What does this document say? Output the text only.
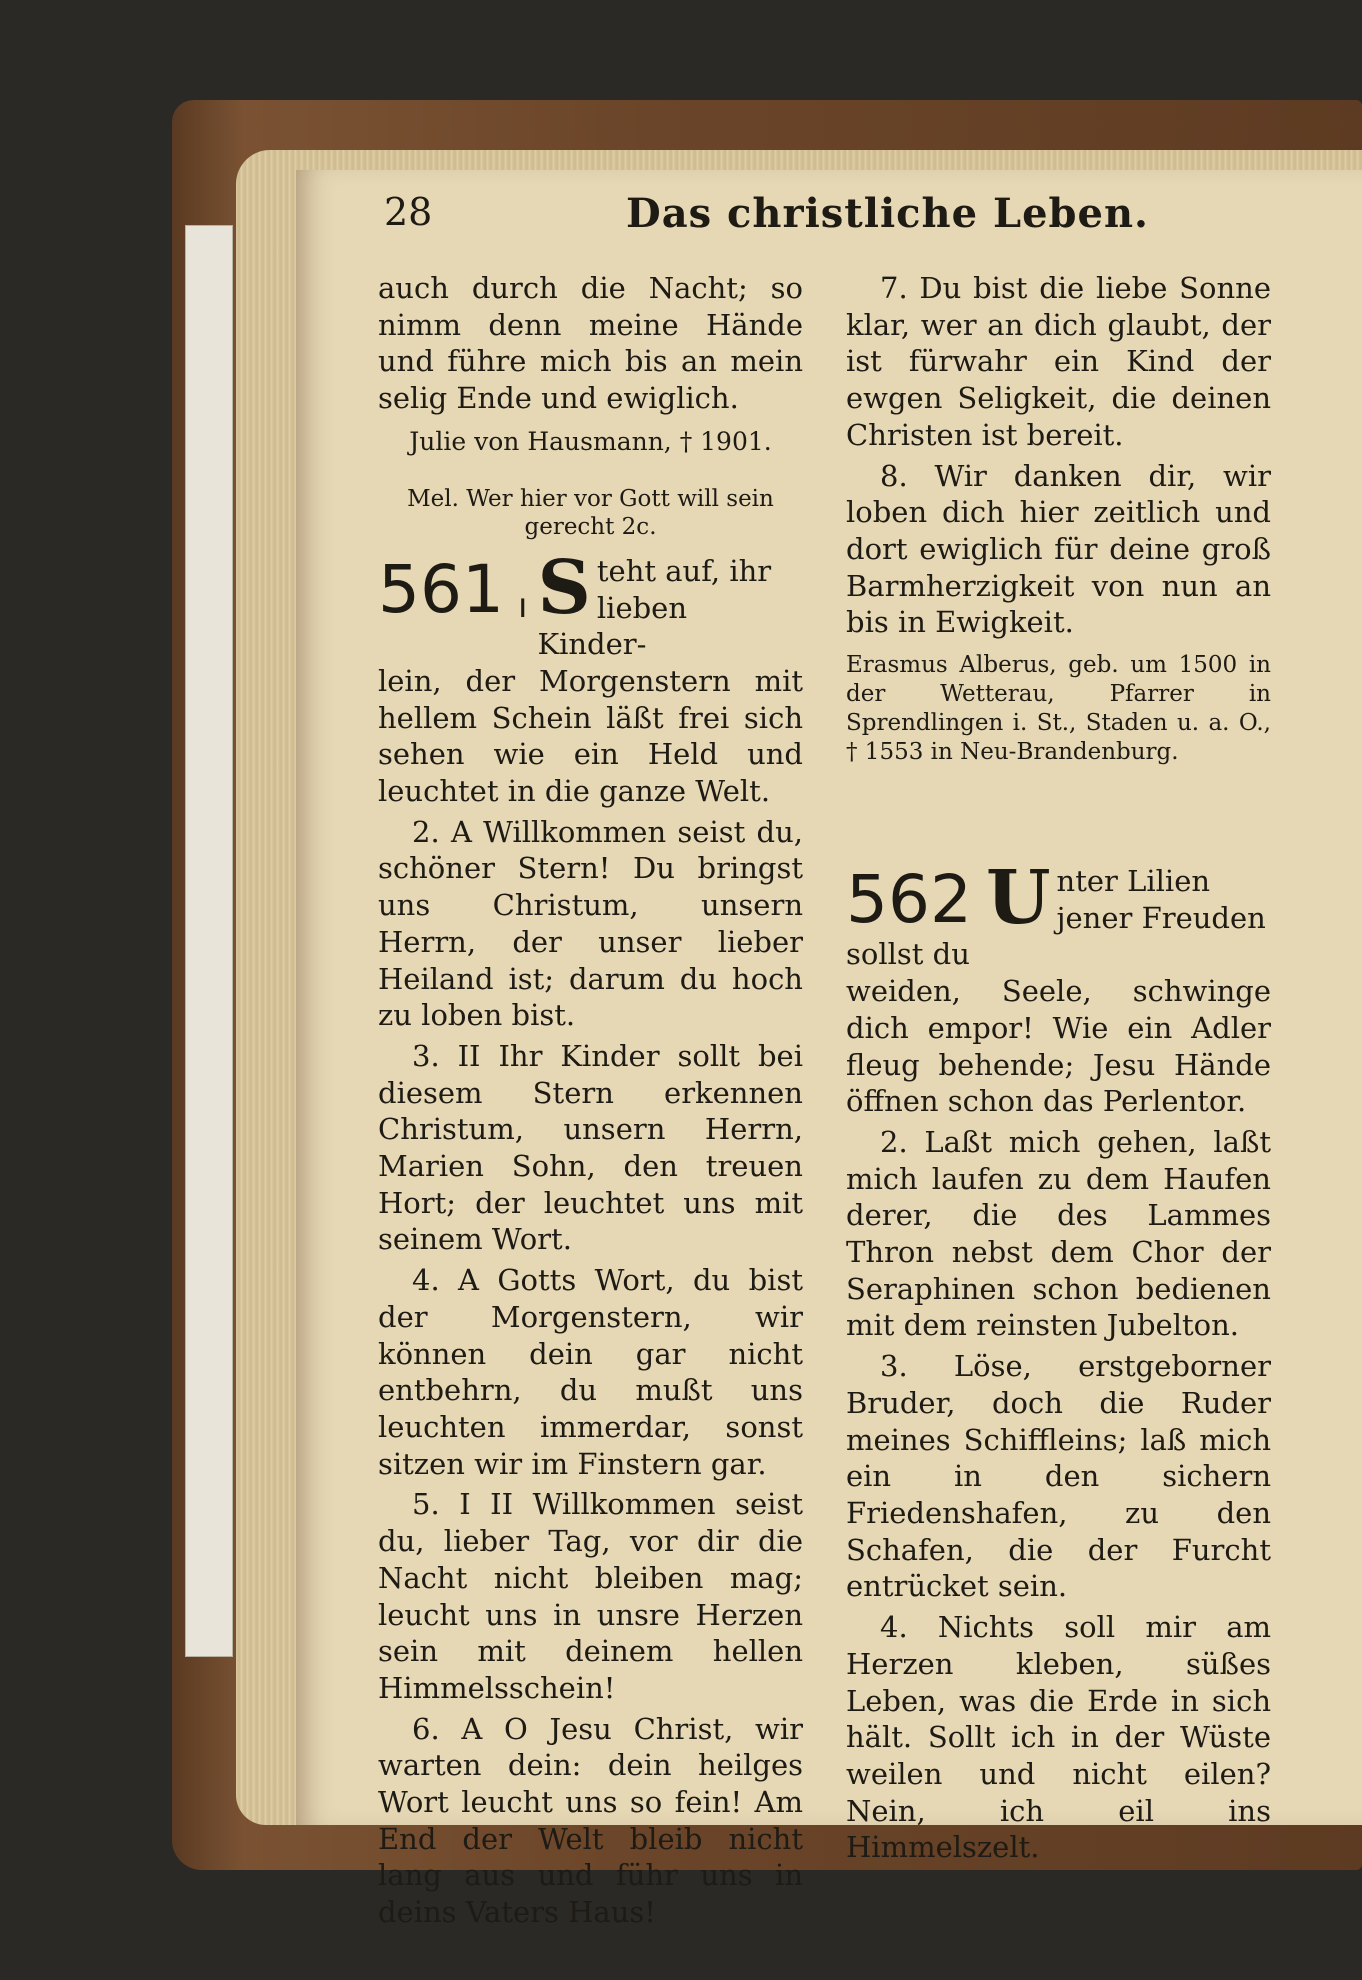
28	Das christliche Leben.

auch durch die Nacht; so nimm denn meine Hände und führe mich bis an mein selig Ende und ewiglich.

Julie von Hausmann, † 1901.

Mel. Wer hier vor Gott will sein gerecht 2c.

561 ı S teht auf, ihr lieben Kinder-

lein, der Morgenstern mit hellem Schein läßt frei sich sehen wie ein Held und leuchtet in die ganze Welt.

2. A Willkommen seist du, schöner Stern! Du bringst uns Christum, unsern Herrn, der unser lieber Heiland ist; darum du hoch zu loben bist.

3. II Ihr Kinder sollt bei diesem Stern erkennen Christum, unsern Herrn, Marien Sohn, den treuen Hort; der leuchtet uns mit seinem Wort.

4. A Gotts Wort, du bist der Morgenstern, wir können dein gar nicht entbehrn, du mußt uns leuchten immerdar, sonst sitzen wir im Finstern gar.

5. I II Willkommen seist du, lieber Tag, vor dir die Nacht nicht bleiben mag; leucht uns in unsre Herzen sein mit deinem hellen Himmelsschein!

6. A O Jesu Christ, wir warten dein: dein heilges Wort leucht uns so fein! Am End der Welt bleib nicht lang aus und führ uns in deins Vaters Haus!

7. Du bist die liebe Sonne klar, wer an dich glaubt, der ist fürwahr ein Kind der ewgen Seligkeit, die deinen Christen ist bereit.

8. Wir danken dir, wir loben dich hier zeitlich und dort ewiglich für deine groß Barmherzigkeit von nun an bis in Ewigkeit.

Erasmus Alberus, geb. um 1500 in der Wetterau, Pfarrer in Sprendlingen i. St., Staden u. a. O., † 1553 in Neu-Brandenburg.

562 U nter Lilien jener Freuden sollst du

weiden, Seele, schwinge dich empor! Wie ein Adler fleug behende; Jesu Hände öffnen schon das Perlentor.

2. Laßt mich gehen, laßt mich laufen zu dem Haufen derer, die des Lammes Thron nebst dem Chor der Seraphinen schon bedienen mit dem reinsten Jubelton.

3. Löse, erstgeborner Bruder, doch die Ruder meines Schiffleins; laß mich ein in den sichern Friedenshafen, zu den Schafen, die der Furcht entrücket sein.

4. Nichts soll mir am Herzen kleben, süßes Leben, was die Erde in sich hält. Sollt ich in der Wüste weilen und nicht eilen? Nein, ich eil ins Himmelszelt.
